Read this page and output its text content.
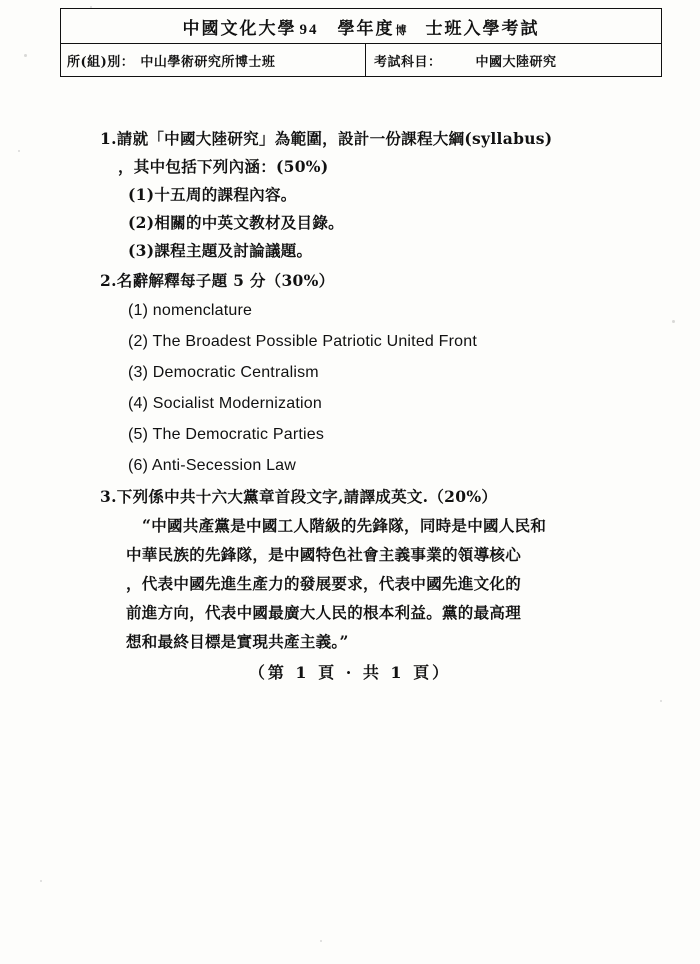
中國文化大學 94 學年度 博 士班入學考試
所(組)別： 中山學術研究所博士班	考試科目：	中國大陸研究
1.請就「中國大陸研究」為範圍，設計一份課程大綱(syllabus)
，其中包括下列內涵：(50%)
(1)十五周的課程內容。
(2)相關的中英文教材及目錄。
(3)課程主題及討論議題。
2.名辭解釋每子題 5 分（30%）
(1) nomenclature
(2) The Broadest Possible Patriotic United Front
(3) Democratic Centralism
(4) Socialist Modernization
(5) The Democratic Parties
(6) Anti-Secession Law
3.下列係中共十六大黨章首段文字,請譯成英文.（20%）
“中國共產黨是中國工人階級的先鋒隊，同時是中國人民和
中華民族的先鋒隊，是中國特色社會主義事業的領導核心
，代表中國先進生產力的發展要求，代表中國先進文化的
前進方向，代表中國最廣大人民的根本利益。黨的最高理
想和最終目標是實現共產主義。”
（第 1 頁 · 共 1 頁）
